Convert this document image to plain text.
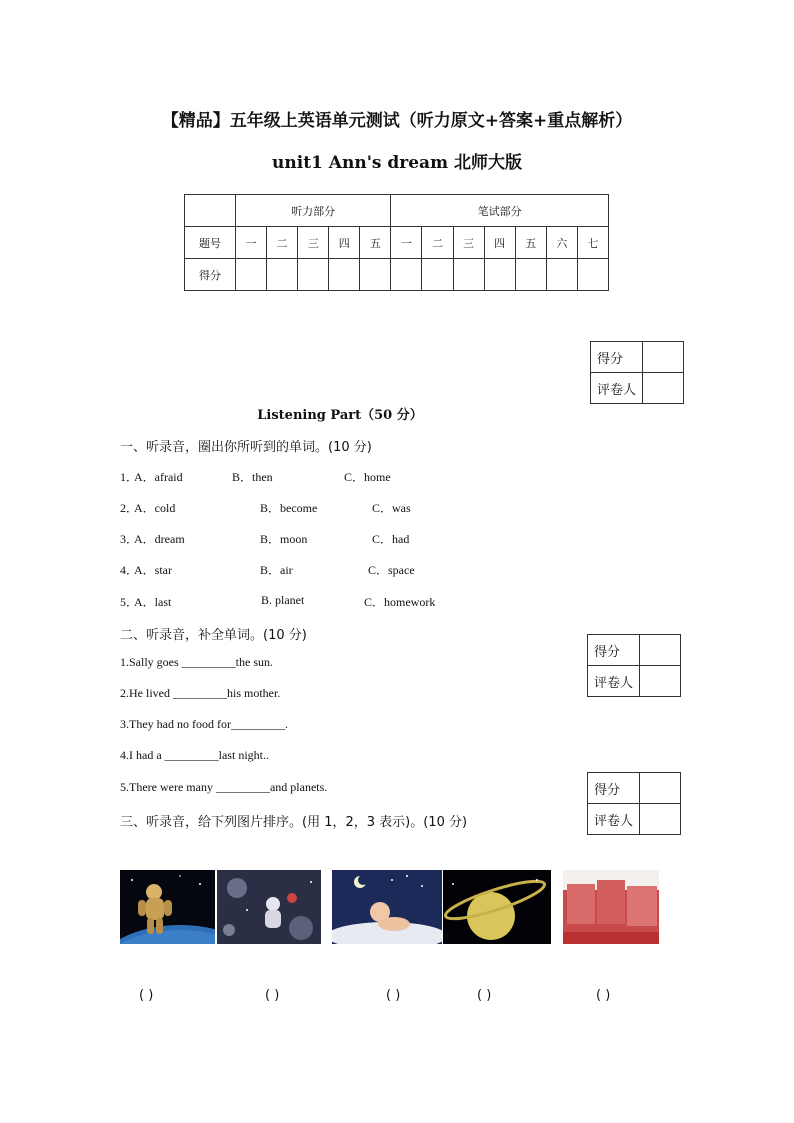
【精品】五年级上英语单元测试（听力原文+答案+重点解析）
unit1 Ann's dream 北师大版
	听力部分					笔试部分						
题号	一	二	三	四	五	一	二	三	四	五	六	七
得分												
得分	
评卷人	
得分	
评卷人	
得分	
评卷人	
Listening Part（50 分）
一、听录音，圈出你所听到的单词。(10 分)
1．
A．afraid	B．then	C．home
2．
A．cold	B．become	C．was
3．
A．dream	B．moon	C．had
4．
A．star	B．air	C．space
5．
A．last	B. planet	C．homework
二、听录音，补全单词。(10 分)
1.Sally goes _________the sun.
2.He lived _________his mother.
3.They had no food for_________.
4.I had a _________last night..
5.There were many _________and planets.
三、听录音，给下列图片排序。(用 1，2，3 表示)。(10 分)
( )	( )	( )	( )	( )
